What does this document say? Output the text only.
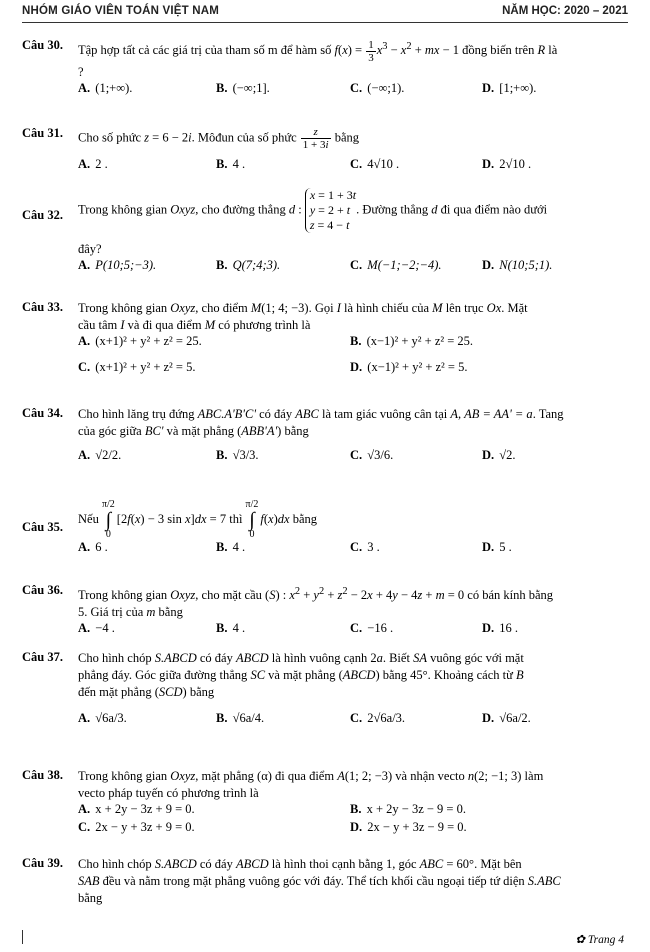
NHÓM GIÁO VIÊN TOÁN VIỆT NAM	NĂM HỌC: 2020 – 2021
Câu 30. Tập hợp tất cả các giá trị của tham số m để hàm số $f(x) = \frac{1}{3} x^3 - x^2$ + mx − 1 đồng biến trên R là
?
A. (1;+∞).	B. (−∞;1].	C. (−∞;1).	D. [1;+∞).
Câu 31. Cho số phức z = 6 − 2i. Môđun của số phức $\frac{z}{1 + 3i}$ bằng
A. 2 .	B. 4 .	C. 4√10 .	D. 2√10 .
Câu 32. Trong không gian Oxyz, cho đường thẳng d : x = 1 + 3t
y = 2 + t
z = 4 − t. Đường thẳng d đi qua điểm nào dưới
đây?
A. P(10;5;−3).	B. Q(7;4;3).	C. M(−1;−2;−4).	D. N(10;5;1).
Câu 33. Trong không gian Oxyz, cho điểm M(1; 4; −3). Gọi I là hình chiếu của M lên trục Ox. Mặt
cầu tâm I và đi qua điểm M có phương trình là
A. (x+1)² + y² + z² = 25.	B. (x−1)² + y² + z² = 25.
C. (x+1)² + y² + z² = 5.	D. (x−1)² + y² + z² = 5.
Câu 34. Cho hình lăng trụ đứng ABC.A'B'C' có đáy ABC là tam giác vuông cân tại A, AB = AA' = a. Tang
của góc giữa BC' và mặt phẳng (ABB'A') bằng
A. √2/2.	B. √3/3.	C. √3/6.	D. √2.
Câu 35.
Nếu π/2
∫
0[2f(x) − 3 sin x]dx = 7 thì π/2
∫
0f(x)dx bằng
A. 6 .	B. 4 .	C. 3 .	D. 5 .
Câu 36. Trong không gian Oxyz, cho mặt cầu (S) : $x^2 + y^2 + z^2 - 2x + 4y - 4z + m = 0$ có bán kính bằng
5. Giá trị của m bằng
A. −4 .	B. 4 .	C. −16 .	D. 16 .
Câu 37. Cho hình chóp S.ABCD có đáy ABCD là hình vuông cạnh 2a. Biết SA vuông góc với mặt
phẳng đáy. Góc giữa đường thẳng SC và mặt phẳng (ABCD) bằng 45°. Khoảng cách từ B
đến mặt phẳng (SCD) bằng
A. √6a/3.	B. √6a/4.	C. 2√6a/3.	D. √6a/2.
Câu 38. Trong không gian Oxyz, mặt phẳng (α) đi qua điểm A(1; 2; −3) và nhận vecto n(2; −1; 3) làm
vecto pháp tuyến có phương trình là
A. x + 2y − 3z + 9 = 0.	B. x + 2y − 3z − 9 = 0.
C. 2x − y + 3z + 9 = 0.	D. 2x − y + 3z − 9 = 0.
Câu 39. Cho hình chóp S.ABCD có đáy ABCD là hình thoi cạnh bằng 1, góc ABC = 60°. Mặt bên
SAB đều và nằm trong mặt phẳng vuông góc với đáy. Thể tích khối cầu ngoại tiếp tứ diện S.ABC
bằng
✿ Trang 4
